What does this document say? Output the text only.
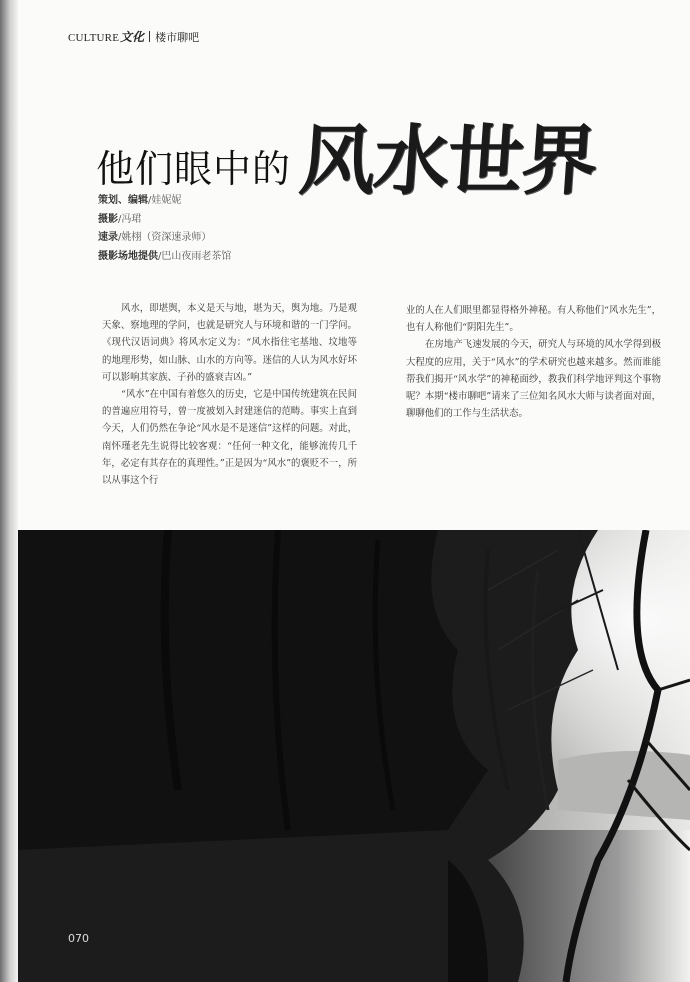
CULTURE文化 楼市聊吧
他们眼中的 风水世界
策划、编辑/娃妮妮
摄影/冯珺
速录/姚栩（资深速录师）
摄影场地提供/巴山夜雨老茶馆

风水，即堪舆，本义是天与地，堪为天，舆为地。乃是观天象、察地理的学问，也就是研究人与环境和谐的一门学问。《现代汉语词典》将风水定义为：“风水指住宅基地、坟地等的地理形势，如山脉、山水的方向等。迷信的人认为风水好坏可以影响其家族、子孙的盛衰吉凶。”

“风水”在中国有着悠久的历史，它是中国传统建筑在民间的普遍应用符号，曾一度被划入封建迷信的范畴。事实上直到今天，人们仍然在争论“风水是不是迷信”这样的问题。对此，南怀瑾老先生说得比较客观：“任何一种文化，能够流传几千年，必定有其存在的真理性。”正是因为“风水”的褒贬不一，所以从事这个行

业的人在人们眼里都显得格外神秘。有人称他们“风水先生”，也有人称他们“阴阳先生”。

在房地产飞速发展的今天，研究人与环境的风水学得到极大程度的应用，关于“风水”的学术研究也越来越多。然而谁能帮我们揭开“风水学”的神秘面纱，教我们科学地评判这个事物呢？本期“楼市聊吧”请来了三位知名风水大师与读者面对面，聊聊他们的工作与生活状态。

070
